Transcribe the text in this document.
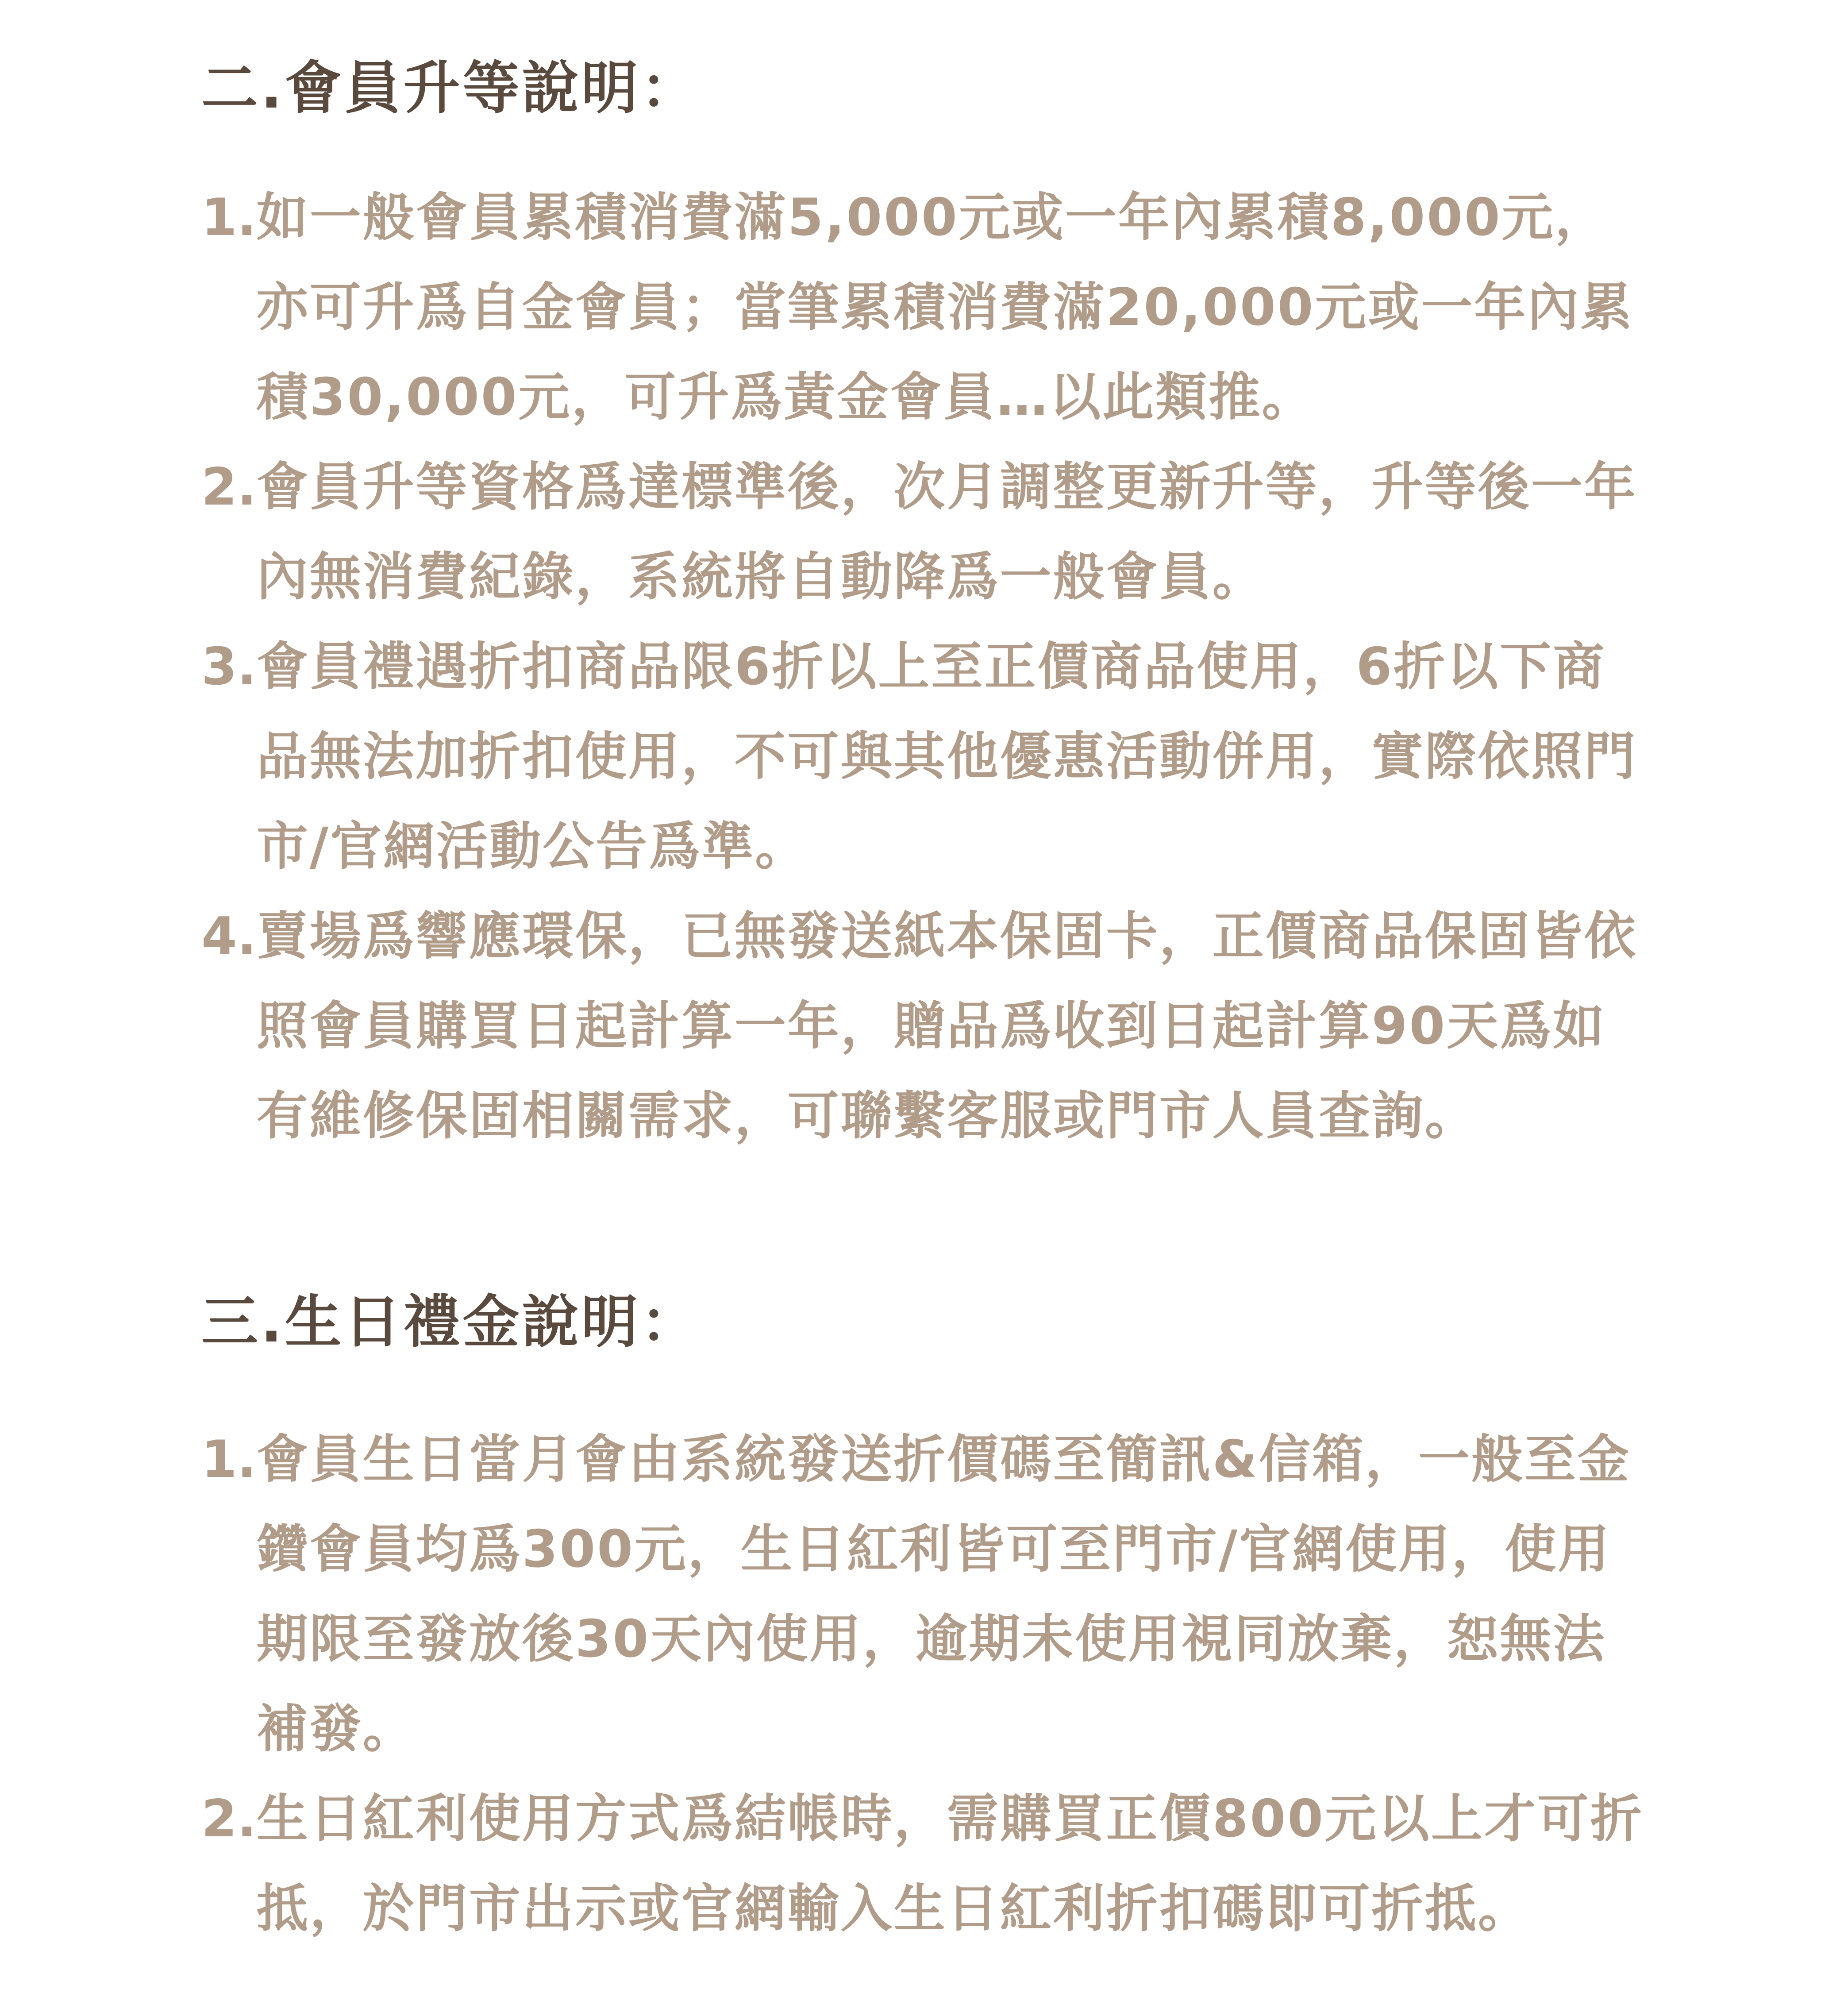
二.會員升等說明：
1. 如一般會員累積消費滿5,000元或一年內累積8,000元，亦可升爲自金會員；當筆累積消費滿20,000元或一年內累積30,000元，可升爲黃金會員…以此類推。
2. 會員升等資格爲達標準後，次月調整更新升等，升等後一年內無消費紀錄，系統將自動降爲一般會員。
3. 會員禮遇折扣商品限6折以上至正價商品使用，6折以下商品無法加折扣使用，不可與其他優惠活動併用，實際依照門市/官網活動公告爲準。
4. 賣場爲響應環保，已無發送紙本保固卡，正價商品保固皆依照會員購買日起計算一年，贈品爲收到日起計算90天爲如有維修保固相關需求，可聯繫客服或門市人員查詢。
三.生日禮金說明：
1. 會員生日當月會由系統發送折價碼至簡訊&信箱，一般至金鑽會員均爲300元，生日紅利皆可至門市/官網使用，使用期限至發放後30天內使用，逾期未使用視同放棄，恕無法補發。
2. 生日紅利使用方式爲結帳時，需購買正價800元以上才可折抵，於門市出示或官網輸入生日紅利折扣碼即可折抵。
